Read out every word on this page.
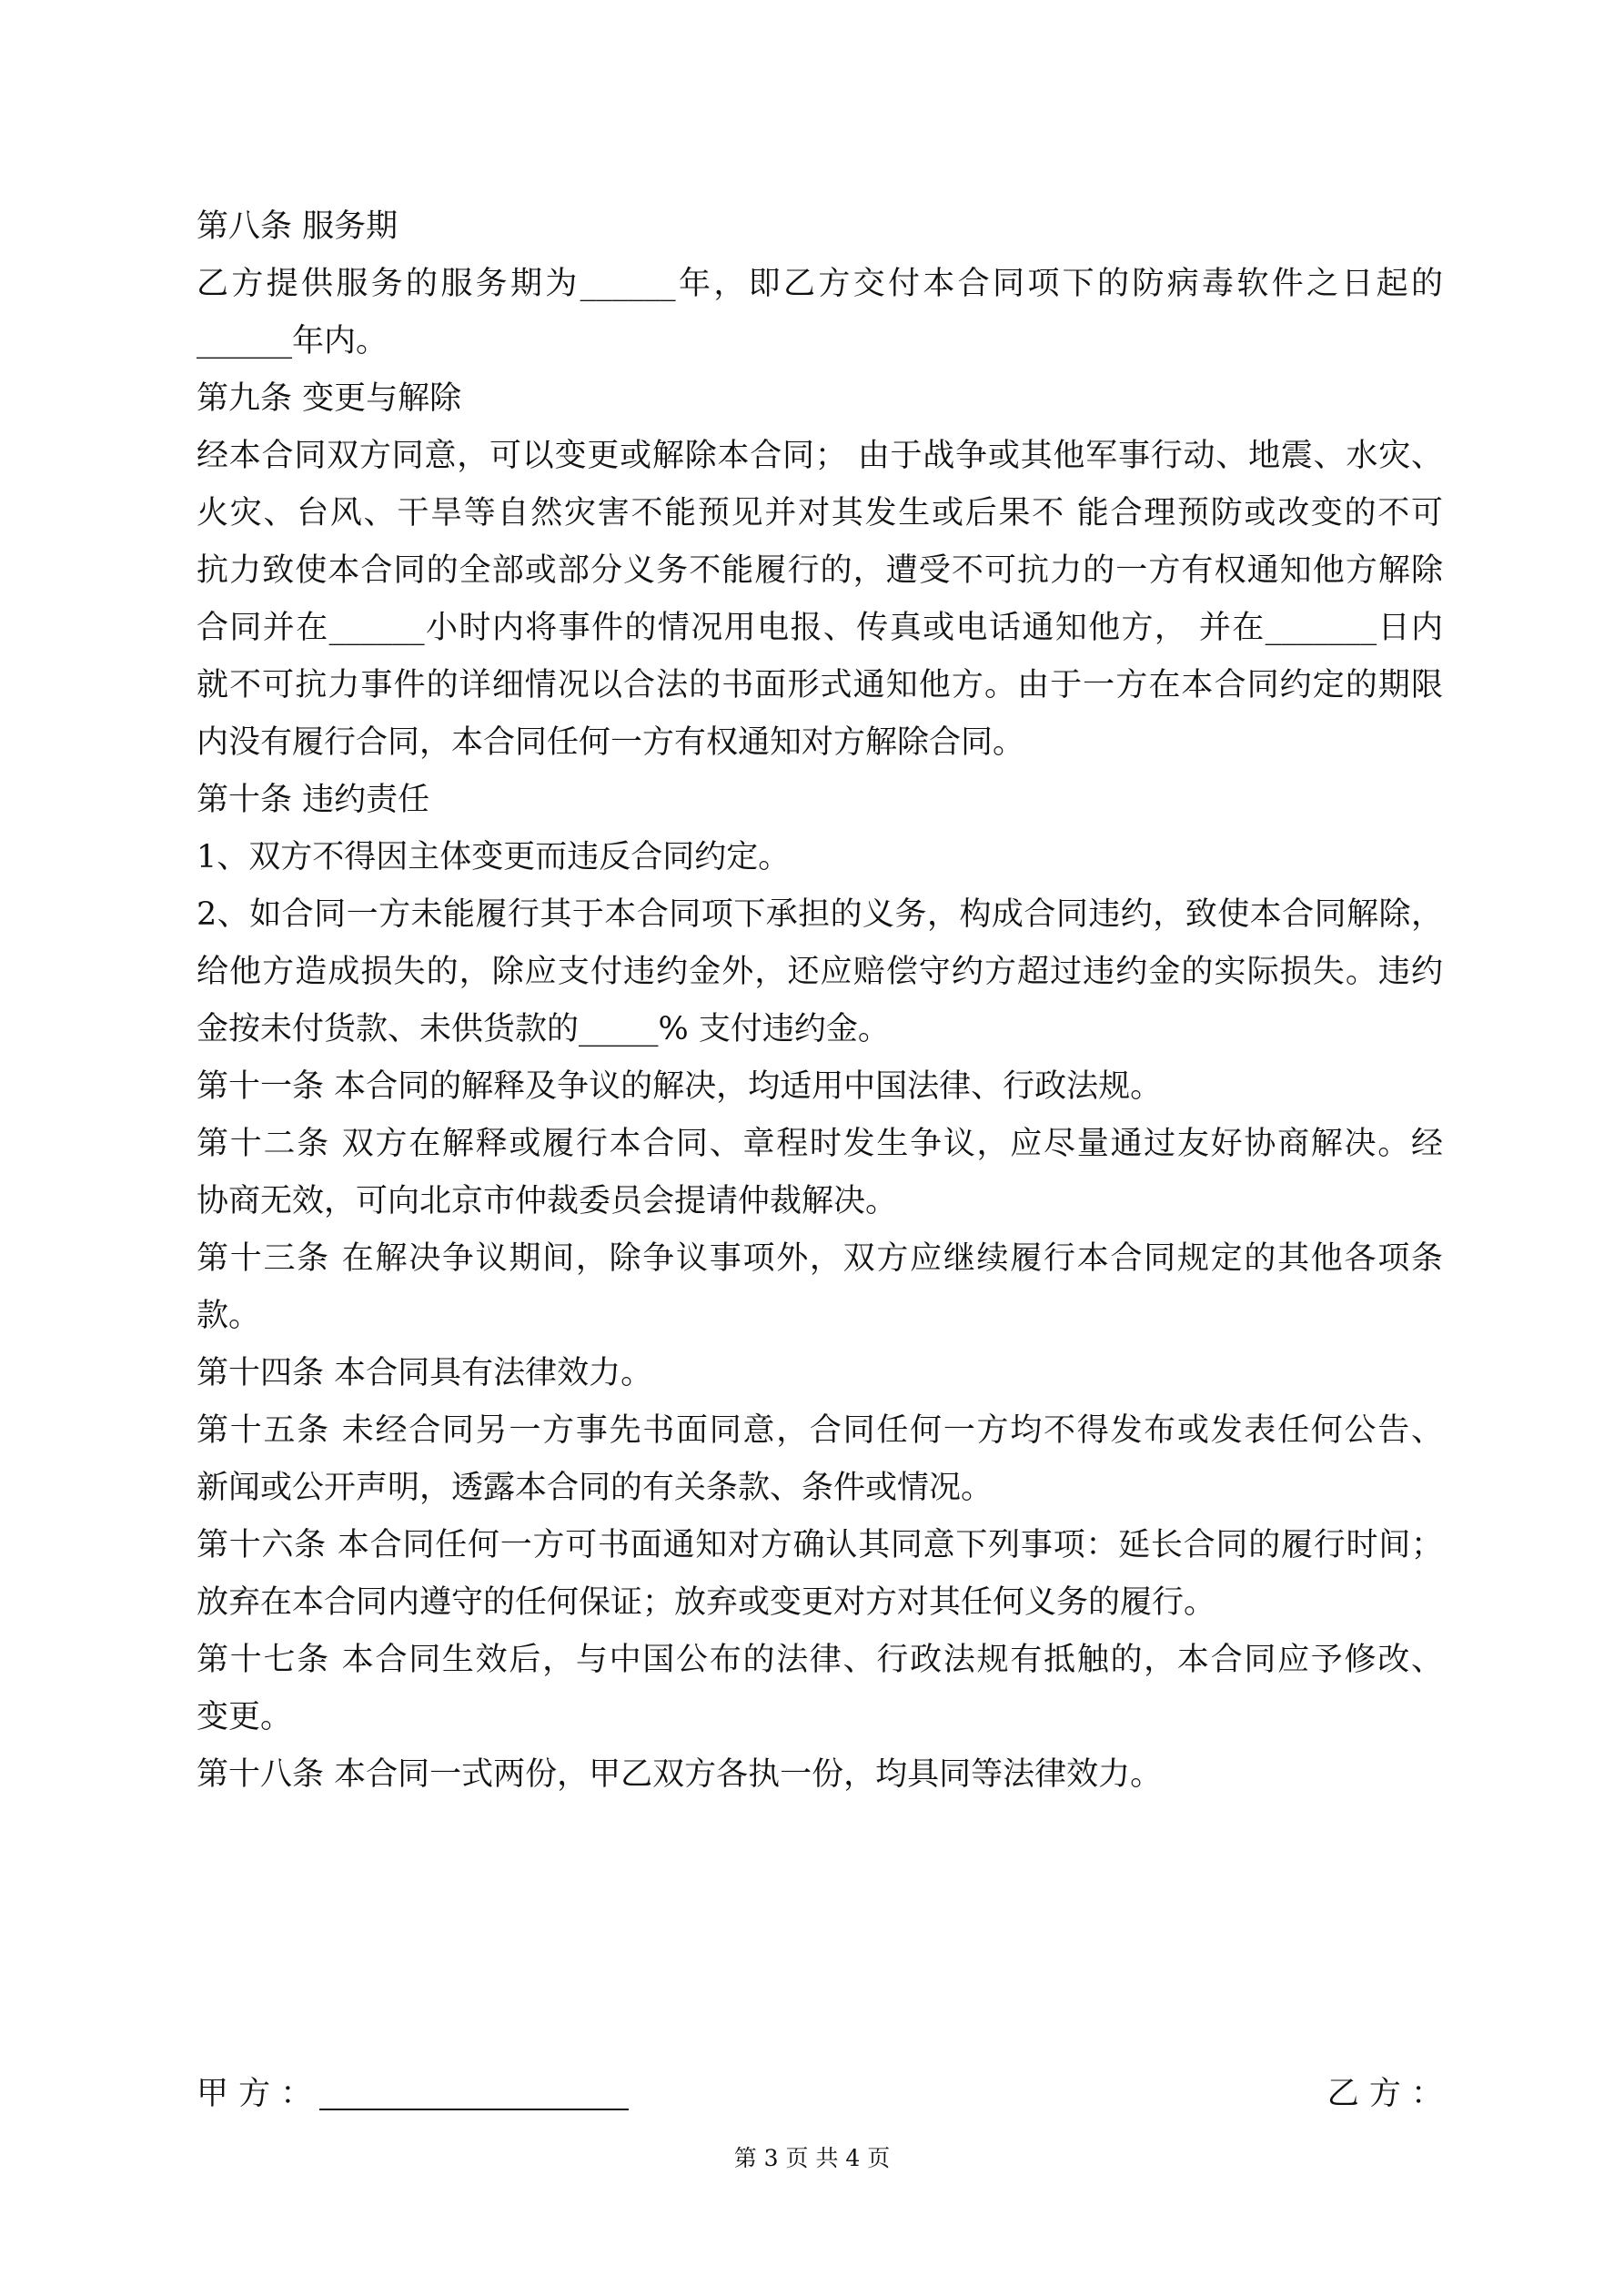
第八条 服务期
乙方提供服务的服务期为______年，即乙方交付本合同项下的防病毒软件之日起的
______年内。
第九条 变更与解除
经本合同双方同意，可以变更或解除本合同； 由于战争或其他军事行动、地震、水灾、
火灾、台风、干旱等自然灾害不能预见并对其发生或后果不 能合理预防或改变的不可
抗力致使本合同的全部或部分义务不能履行的，遭受不可抗力的一方有权通知他方解除
合同并在______小时内将事件的情况用电报、传真或电话通知他方， 并在_______日内
就不可抗力事件的详细情况以合法的书面形式通知他方。由于一方在本合同约定的期限
内没有履行合同，本合同任何一方有权通知对方解除合同。
第十条 违约责任
1、双方不得因主体变更而违反合同约定。
2、如合同一方未能履行其于本合同项下承担的义务，构成合同违约，致使本合同解除，
给他方造成损失的，除应支付违约金外，还应赔偿守约方超过违约金的实际损失。违约
金按未付货款、未供货款的_____% 支付违约金。
第十一条 本合同的解释及争议的解决，均适用中国法律、行政法规。
第十二条 双方在解释或履行本合同、章程时发生争议，应尽量通过友好协商解决。经
协商无效，可向北京市仲裁委员会提请仲裁解决。
第十三条 在解决争议期间，除争议事项外，双方应继续履行本合同规定的其他各项条
款。
第十四条 本合同具有法律效力。
第十五条 未经合同另一方事先书面同意，合同任何一方均不得发布或发表任何公告、
新闻或公开声明，透露本合同的有关条款、条件或情况。
第十六条 本合同任何一方可书面通知对方确认其同意下列事项：延长合同的履行时间；
放弃在本合同内遵守的任何保证；放弃或变更对方对其任何义务的履行。
第十七条 本合同生效后，与中国公布的法律、行政法规有抵触的，本合同应予修改、
变更。
第十八条 本合同一式两份，甲乙双方各执一份，均具同等法律效力。
甲 方 ：	乙 方 ：
第 3 页 共 4 页
